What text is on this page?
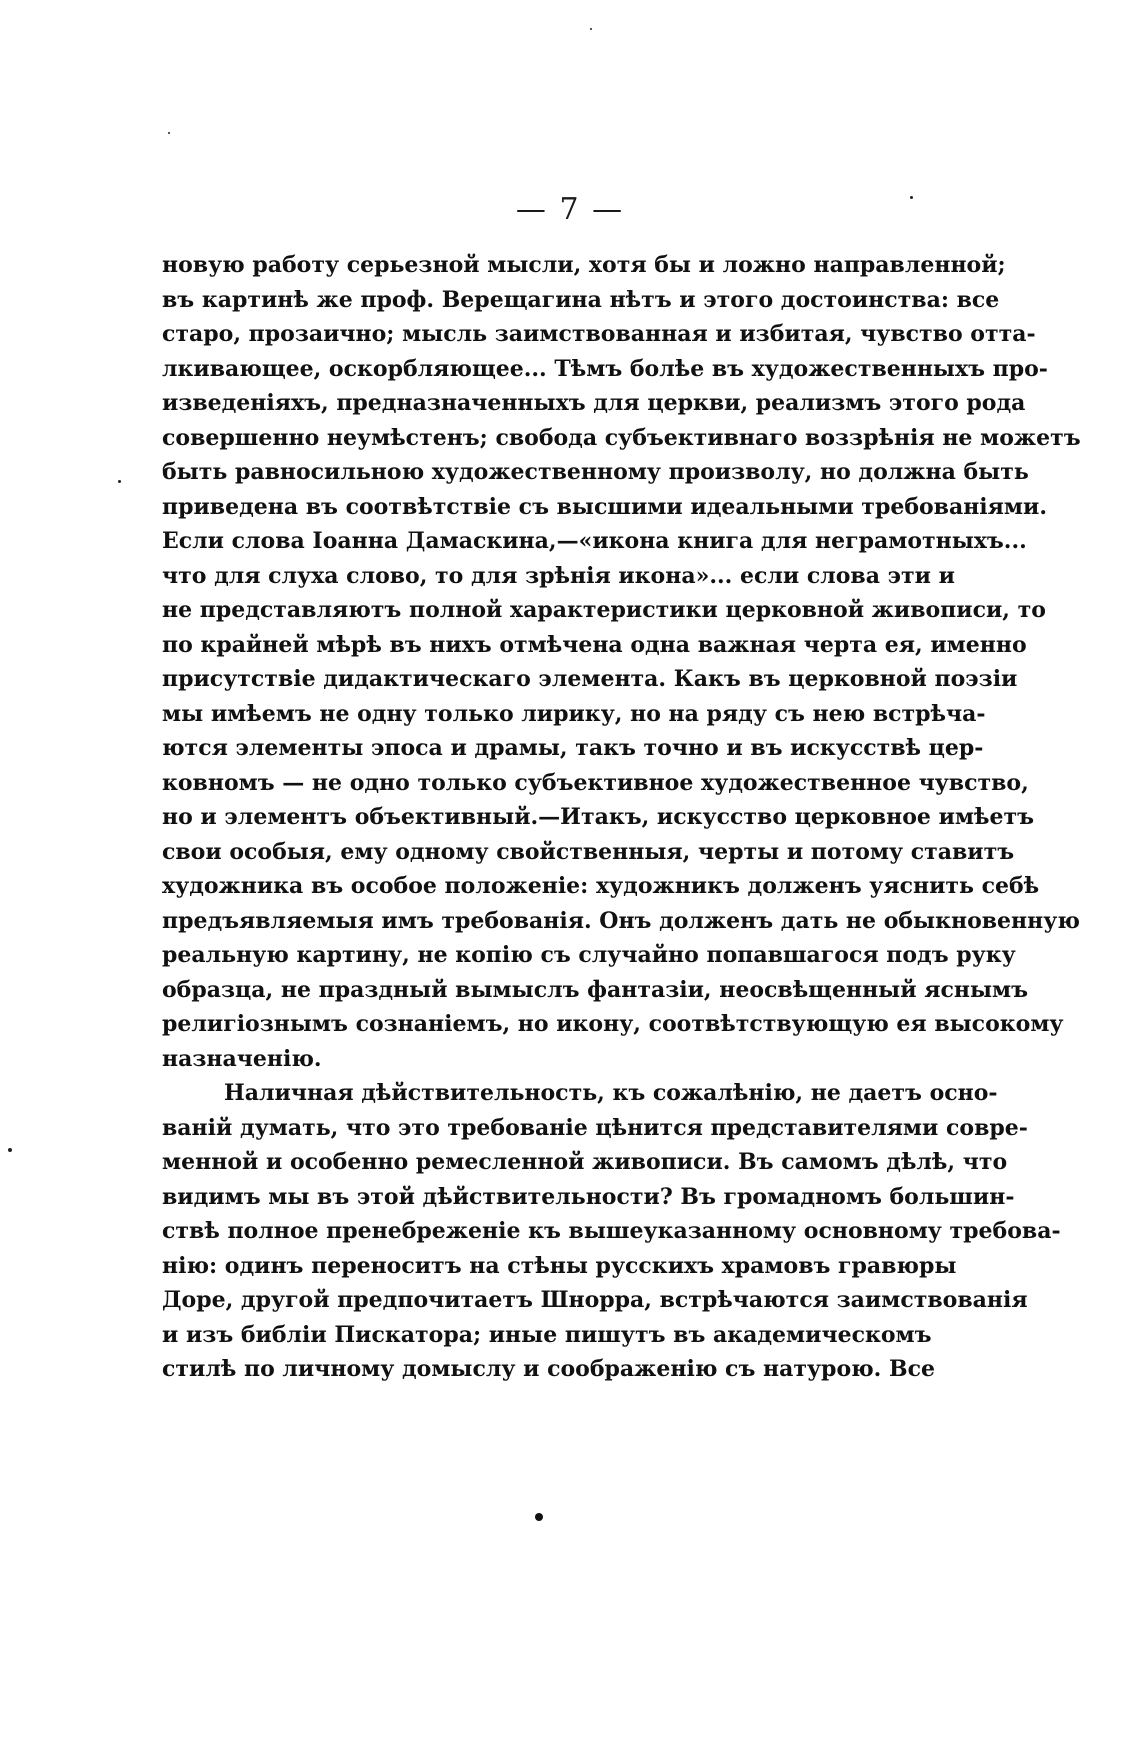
— 7 —
новую работу серьезной мысли, хотя бы и ложно направленной;
въ картинѣ же проф. Верещагина нѣтъ и этого достоинства: все
старо, прозаично; мысль заимствованная и избитая, чувство отта-
лкивающее, оскорбляющее... Тѣмъ болѣе въ художественныхъ про-
изведенiяхъ, предназначенныхъ для церкви, реализмъ этого рода
совершенно неумѣстенъ; свобода субъективнаго воззрѣнiя не можетъ
быть равносильною художественному произволу, но должна быть
приведена въ соотвѣтствiе съ высшими идеальными требованiями.
Если слова Iоанна Дамаскина,—«икона книга для неграмотныхъ...
что для слуха слово, то для зрѣнiя икона»... если слова эти и
не представляютъ полной характеристики церковной живописи, то
по крайней мѣрѣ въ нихъ отмѣчена одна важная черта ея, именно
присутствiе дидактическаго элемента. Какъ въ церковной поэзiи
мы имѣемъ не одну только лирику, но на ряду съ нею встрѣча-
ются элементы эпоса и драмы, такъ точно и въ искусствѣ цер-
ковномъ — не одно только субъективное художественное чувство,
но и элементъ объективный.—Итакъ, искусство церковное имѣетъ
свои особыя, ему одному свойственныя, черты и потому ставитъ
художника въ особое положенiе: художникъ долженъ уяснить себѣ
предъявляемыя имъ требованiя. Онъ долженъ дать не обыкновенную
реальную картину, не копiю съ случайно попавшагося подъ руку
образца, не праздный вымыслъ фантазiи, неосвѣщенный яснымъ
религiознымъ сознанiемъ, но икону, соотвѣтствующую ея высокому
назначенiю.
Наличная дѣйствительность, къ сожалѣнiю, не даетъ осно-
ванiй думать, что это требованiе цѣнится представителями совре-
менной и особенно ремесленной живописи. Въ самомъ дѣлѣ, что
видимъ мы въ этой дѣйствительности? Въ громадномъ большин-
ствѣ полное пренебреженiе къ вышеуказанному основному требова-
нiю: одинъ переноситъ на стѣны русскихъ храмовъ гравюры
Доре, другой предпочитаетъ Шнорра, встрѣчаются заимствованiя
и изъ библiи Пискатора; иные пишутъ въ академическомъ
стилѣ по личному домыслу и соображенiю съ натурою. Все
